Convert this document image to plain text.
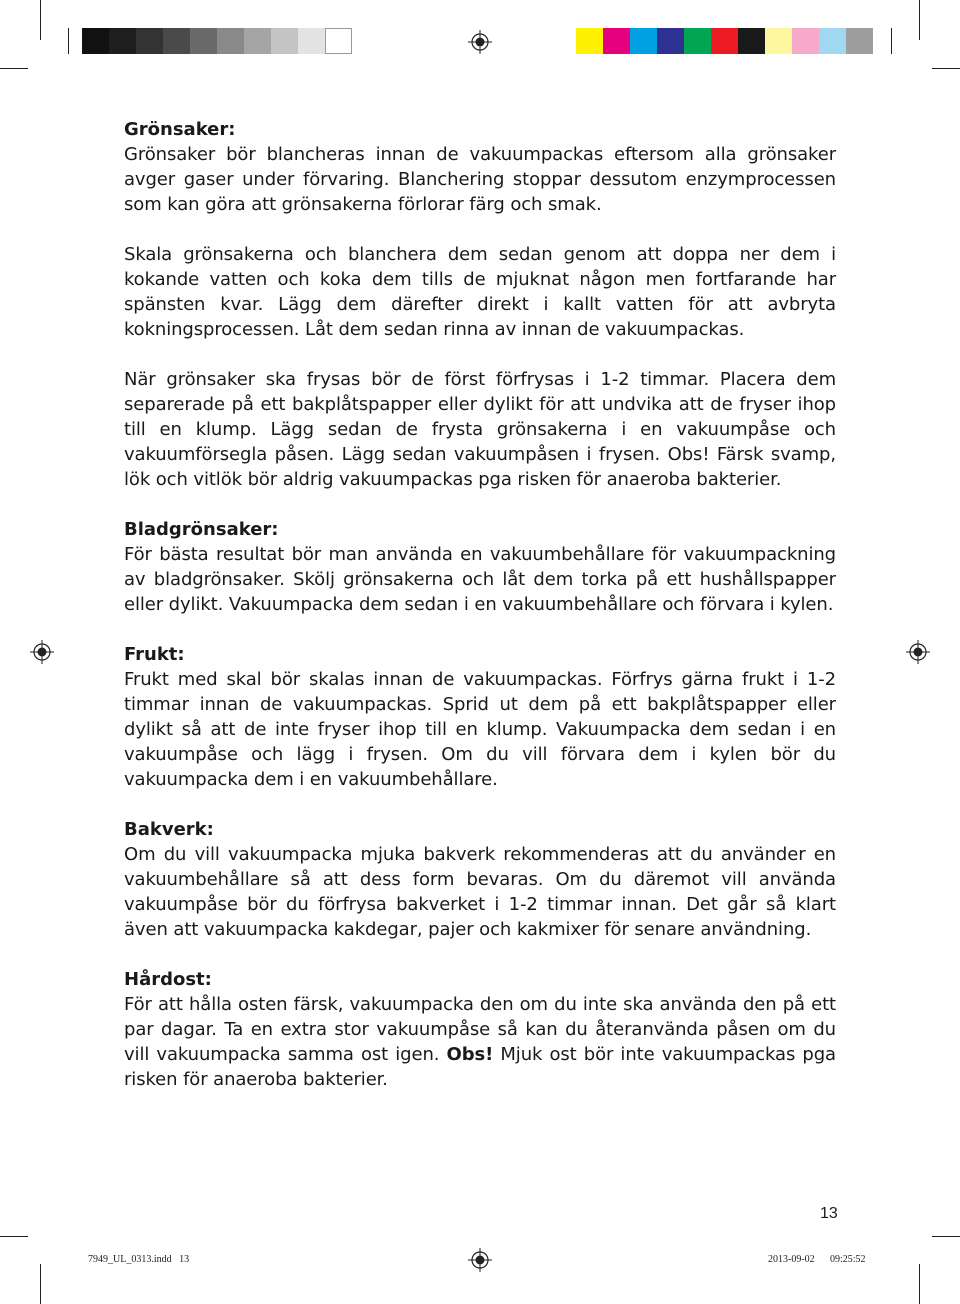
Grönsaker:

Grönsaker bör blancheras innan de vakuumpackas eftersom alla grönsaker avger gaser under förvaring. Blanchering stoppar dessutom enzymprocessen som kan göra att grönsakerna förlorar färg och smak.

Skala grönsakerna och blanchera dem sedan genom att doppa ner dem i kokande vatten och koka dem tills de mjuknat någon men fortfarande har spänsten kvar. Lägg dem därefter direkt i kallt vatten för att avbryta kokningsprocessen. Låt dem sedan rinna av innan de vakuumpackas.

När grönsaker ska frysas bör de först förfrysas i 1-2 timmar. Placera dem separerade på ett bakplåtspapper eller dylikt för att undvika att de fryser ihop till en klump. Lägg sedan de frysta grönsakerna i en vakuumpåse och vakuumförsegla påsen. Lägg sedan vakuumpåsen i frysen. Obs! Färsk svamp, lök och vitlök bör aldrig vakuumpackas pga risken för anaeroba bakterier.

Bladgrönsaker:

För bästa resultat bör man använda en vakuumbehållare för vakuumpackning av bladgrönsaker. Skölj grönsakerna och låt dem torka på ett hushållspapper eller dylikt. Vakuumpacka dem sedan i en vakuumbehållare och förvara i kylen.

Frukt:

Frukt med skal bör skalas innan de vakuumpackas. Förfrys gärna frukt i 1-2 timmar innan de vakuumpackas. Sprid ut dem på ett bakplåtspapper eller dylikt så att de inte fryser ihop till en klump. Vakuumpacka dem sedan i en vakuumpåse och lägg i frysen. Om du vill förvara dem i kylen bör du vakuumpacka dem i en vakuumbehållare.

Bakverk:

Om du vill vakuumpacka mjuka bakverk rekommenderas att du använder en vakuumbehållare så att dess form bevaras. Om du däremot vill använda vakuumpåse bör du förfrysa bakverket i 1-2 timmar innan. Det går så klart även att vakuumpacka kakdegar, pajer och kakmixer för senare användning.

Hårdost:

För att hålla osten färsk, vakuumpacka den om du inte ska använda den på ett par dagar. Ta en extra stor vakuumpåse så kan du återanvända påsen om du vill vakuumpacka samma ost igen. Obs! Mjuk ost bör inte vakuumpackas pga risken för anaeroba bakterier.

13
7949_UL_0313.indd   13	2013-09-02 09:25:52
